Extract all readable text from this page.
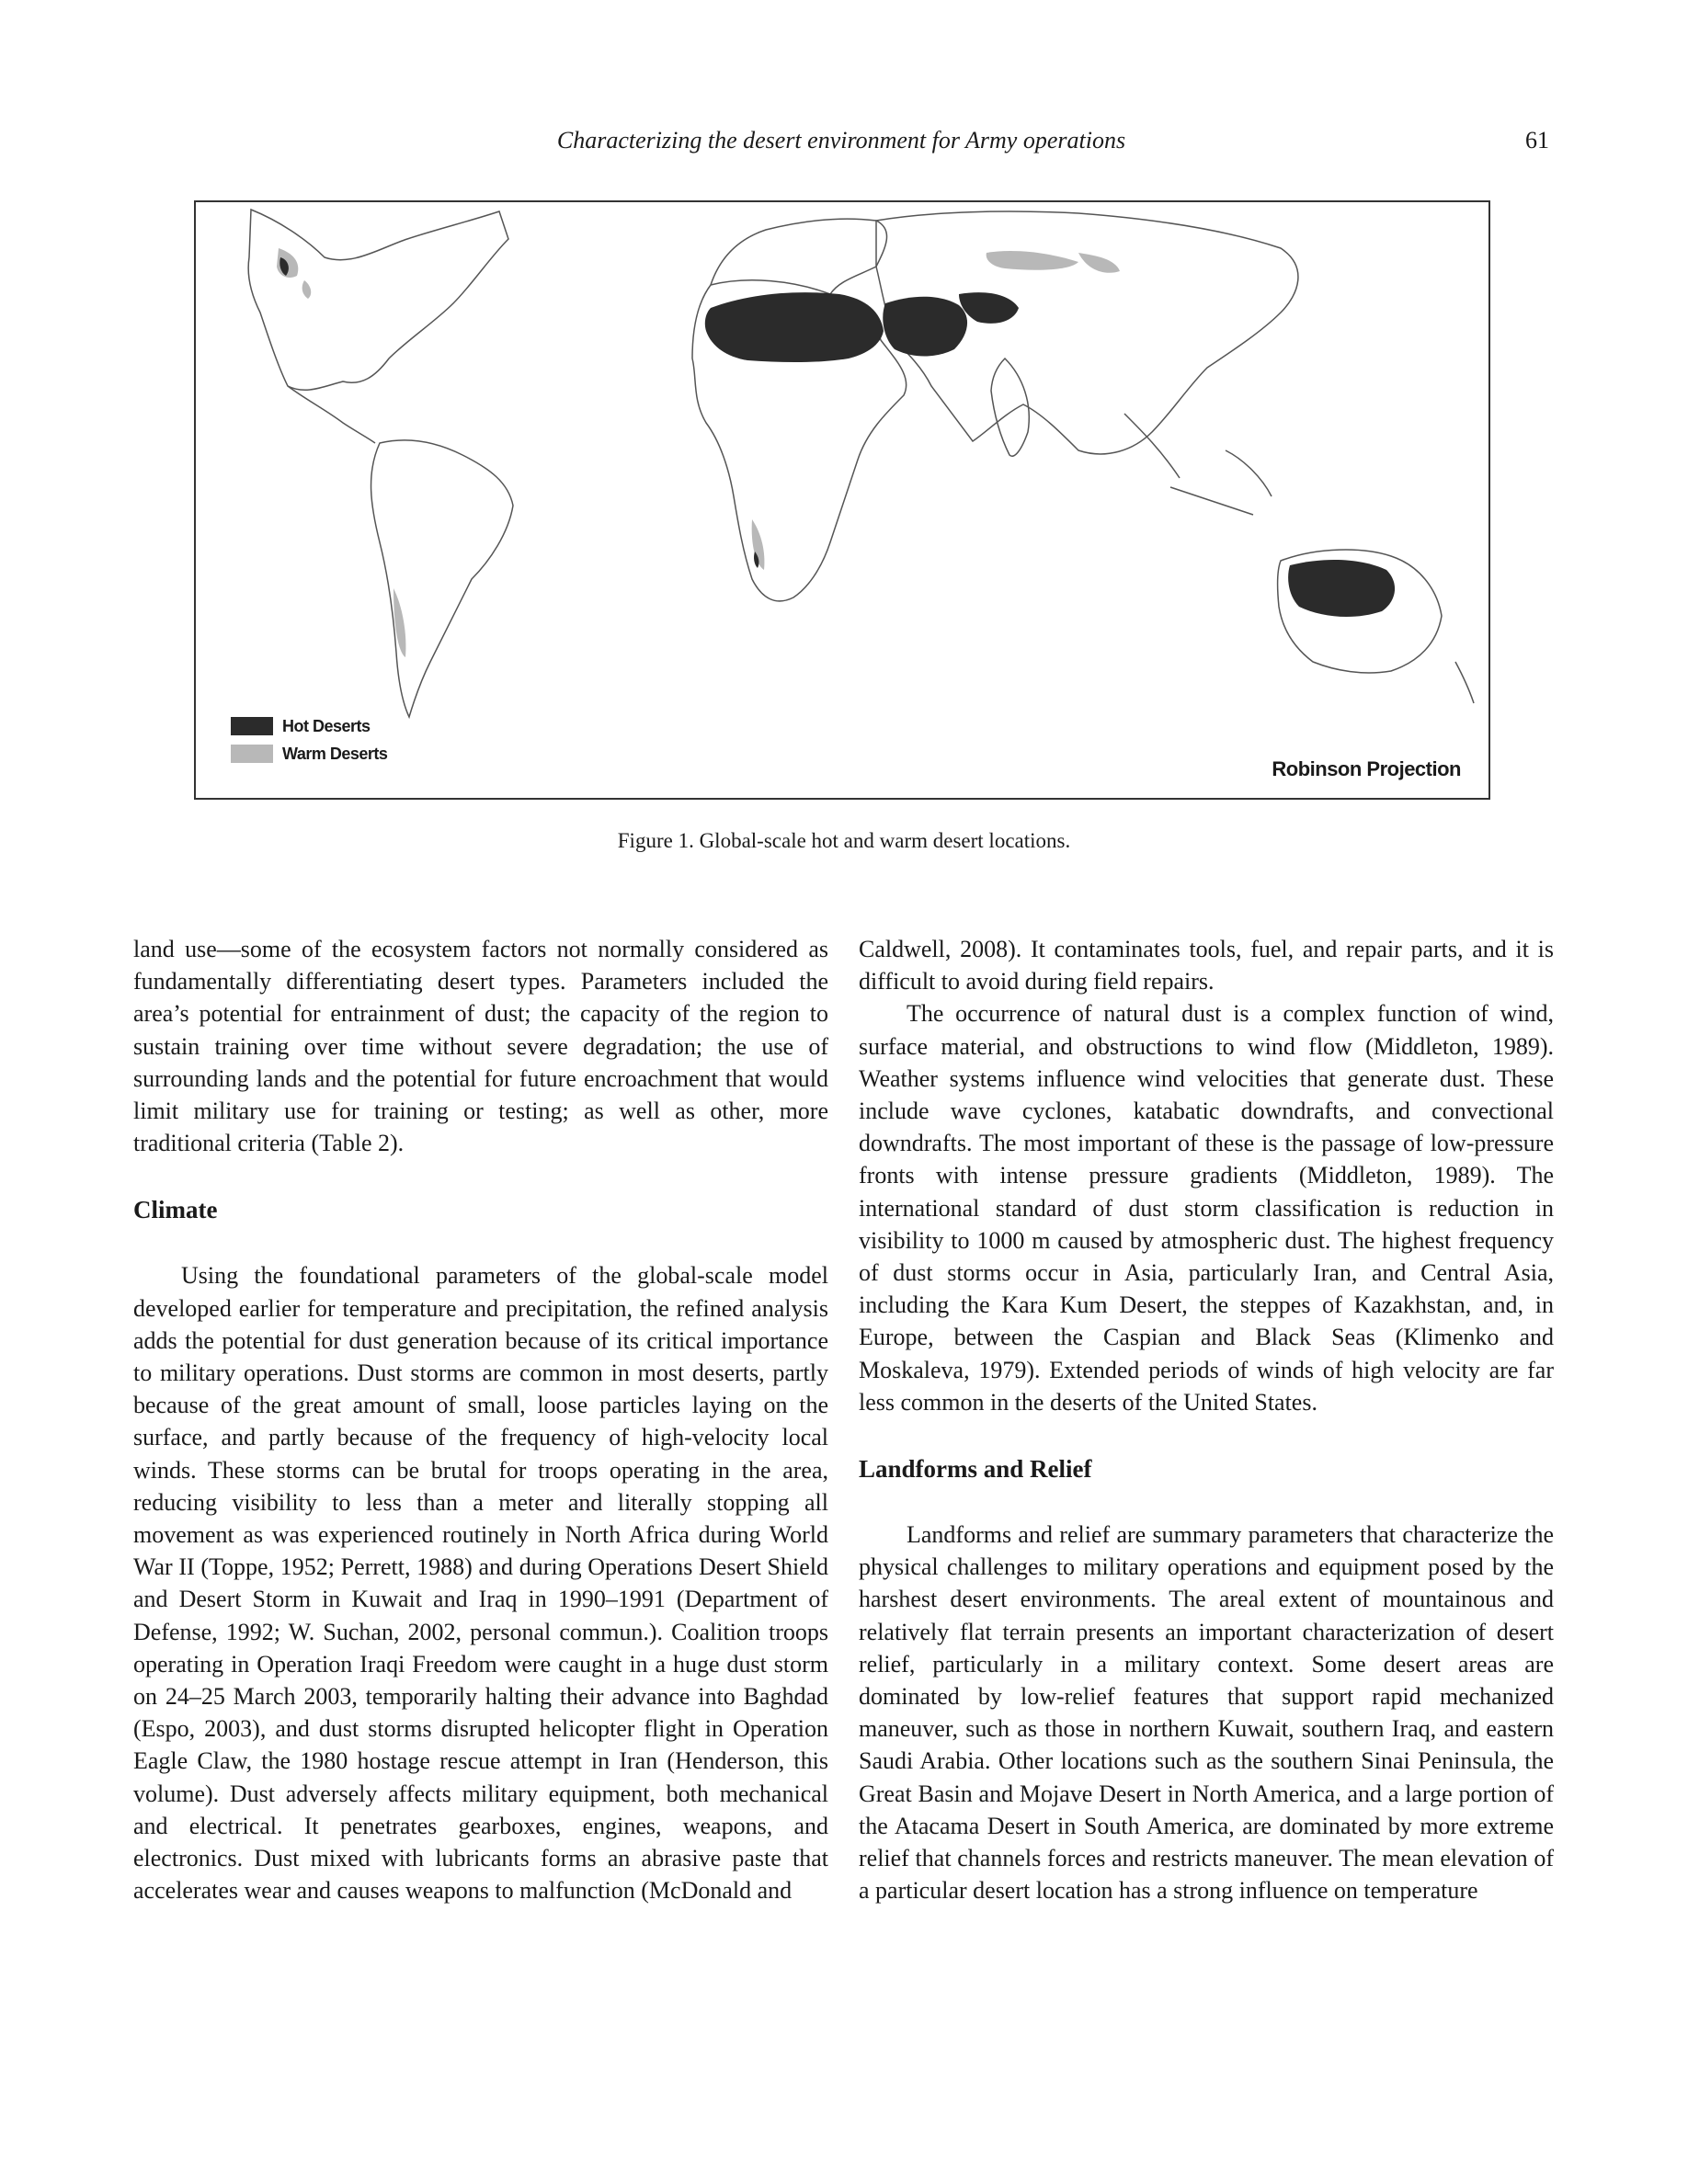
Characterizing the desert environment for Army operations	61
Hot Deserts
Warm Deserts
Robinson Projection
Figure 1. Global-scale hot and warm desert locations.

land use—some of the ecosystem factors not normally considered as fundamentally differentiating desert types. Parameters included the area’s potential for entrainment of dust; the capacity of the region to sustain training over time without severe degradation; the use of surrounding lands and the potential for future encroachment that would limit military use for training or testing; as well as other, more traditional criteria (Table 2).

Climate

Using the foundational parameters of the global-scale model developed earlier for temperature and precipitation, the refined analysis adds the potential for dust generation because of its critical importance to military operations. Dust storms are common in most deserts, partly because of the great amount of small, loose particles laying on the surface, and partly because of the frequency of high-velocity local winds. These storms can be brutal for troops operating in the area, reducing visibility to less than a meter and literally stopping all movement as was experienced routinely in North Africa during World War II (Toppe, 1952; Perrett, 1988) and during Operations Desert Shield and Desert Storm in Kuwait and Iraq in 1990–1991 (Department of Defense, 1992; W. Suchan, 2002, personal commun.). Coalition troops operating in Operation Iraqi Freedom were caught in a huge dust storm on 24–25 March 2003, temporarily halting their advance into Baghdad (Espo, 2003), and dust storms disrupted helicopter flight in Operation Eagle Claw, the 1980 hostage rescue attempt in Iran (Henderson, this volume). Dust adversely affects military equipment, both mechanical and electrical. It penetrates gearboxes, engines, weapons, and electronics. Dust mixed with lubricants forms an abrasive paste that accelerates wear and causes weapons to malfunction (McDonald and

Caldwell, 2008). It contaminates tools, fuel, and repair parts, and it is difficult to avoid during field repairs.

The occurrence of natural dust is a complex function of wind, surface material, and obstructions to wind flow (Middleton, 1989). Weather systems influence wind velocities that generate dust. These include wave cyclones, katabatic downdrafts, and convectional downdrafts. The most important of these is the passage of low-pressure fronts with intense pressure gradients (Middleton, 1989). The international standard of dust storm classification is reduction in visibility to 1000 m caused by atmospheric dust. The highest frequency of dust storms occur in Asia, particularly Iran, and Central Asia, including the Kara Kum Desert, the steppes of Kazakhstan, and, in Europe, between the Caspian and Black Seas (Klimenko and Moskaleva, 1979). Extended periods of winds of high velocity are far less common in the deserts of the United States.

Landforms and Relief

Landforms and relief are summary parameters that characterize the physical challenges to military operations and equipment posed by the harshest desert environments. The areal extent of mountainous and relatively flat terrain presents an important characterization of desert relief, particularly in a military context. Some desert areas are dominated by low-relief features that support rapid mechanized maneuver, such as those in northern Kuwait, southern Iraq, and eastern Saudi Arabia. Other locations such as the southern Sinai Peninsula, the Great Basin and Mojave Desert in North America, and a large portion of the Atacama Desert in South America, are dominated by more extreme relief that channels forces and restricts maneuver. The mean elevation of a particular desert location has a strong influence on temperature
